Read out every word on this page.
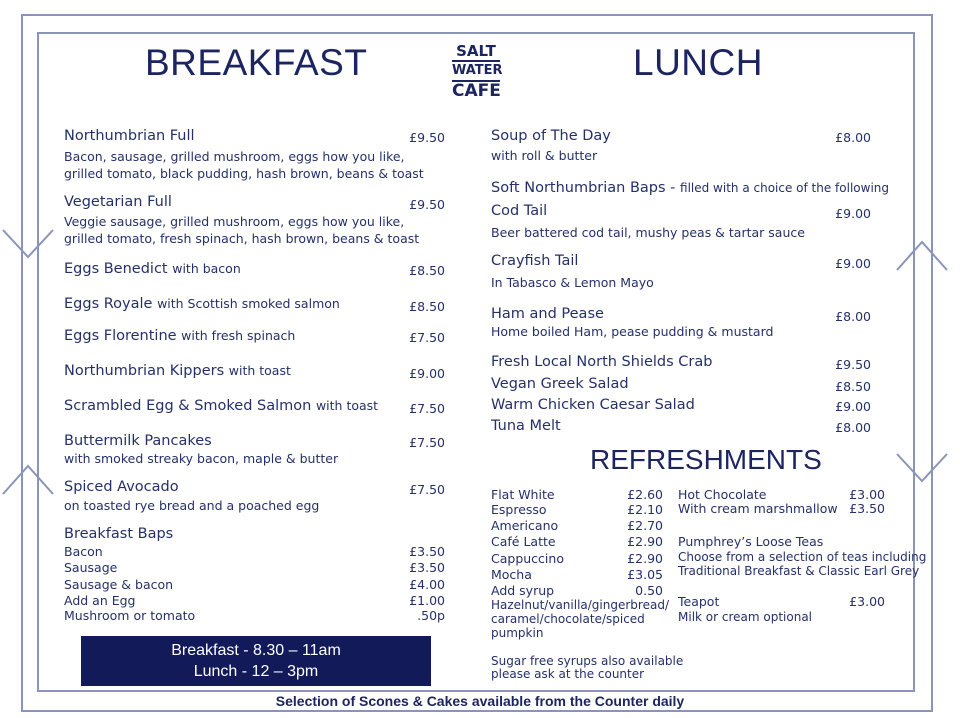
BREAKFAST	LUNCH
SALT
WATER
CAFE
Northumbrian Full	£9.50
Bacon, sausage, grilled mushroom, eggs how you like,
grilled tomato, black pudding, hash brown, beans & toast
Vegetarian Full	£9.50
Veggie sausage, grilled mushroom, eggs how you like,
grilled tomato, fresh spinach, hash brown, beans & toast
Eggs Benedict with bacon	£8.50
Eggs Royale with Scottish smoked salmon	£8.50
Eggs Florentine with fresh spinach	£7.50
Northumbrian Kippers with toast	£9.00
Scrambled Egg & Smoked Salmon with toast £7.50
Buttermilk Pancakes	£7.50
with smoked streaky bacon, maple & butter
Spiced Avocado	£7.50
on toasted rye bread and a poached egg
Breakfast Baps
Bacon	£3.50
Sausage	£3.50
Sausage & bacon	£4.00
Add an Egg	£1.00
Mushroom or tomato	.50p
Breakfast - 8.30 – 11am
Lunch - 12 – 3pm
Soup of The Day	£8.00
with roll & butter
Soft Northumbrian Baps - filled with a choice of the following
Cod Tail	£9.00
Beer battered cod tail, mushy peas & tartar sauce
Crayfish Tail	£9.00
In Tabasco & Lemon Mayo
Ham and Pease	£8.00
Home boiled Ham, pease pudding & mustard
Fresh Local North Shields Crab	£9.50
Vegan Greek Salad	£8.50
Warm Chicken Caesar Salad	£9.00
Tuna Melt	£8.00
REFRESHMENTS
Flat White	£2.60
Espresso	£2.10
Americano	£2.70
Café Latte	£2.90
Cappuccino	£2.90
Mocha	£3.05
Add syrup	0.50
Hazelnut/vanilla/gingerbread/
caramel/chocolate/spiced
pumpkin
Sugar free syrups also available
please ask at the counter
Hot Chocolate	£3.00
With cream marshmallow £3.50
Pumphrey’s Loose Teas
Choose from a selection of teas including
Traditional Breakfast & Classic Earl Grey
Teapot	£3.00
Milk or cream optional
Selection of Scones & Cakes available from the Counter daily
